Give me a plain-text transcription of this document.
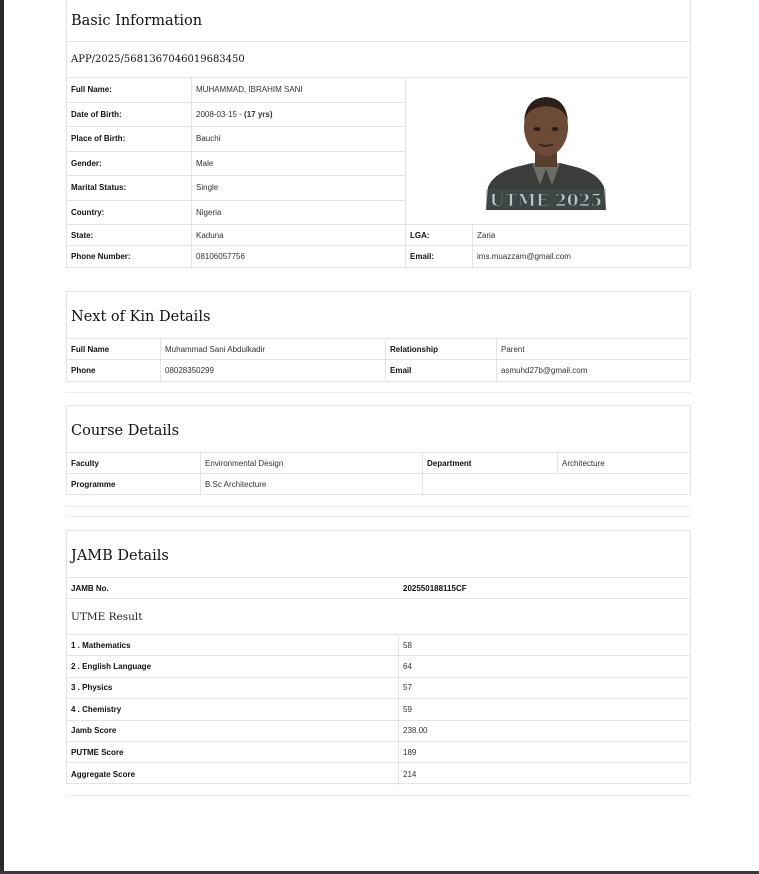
Basic Information
APP/2025/5681367046019683450
Full Name:	MUHAMMAD, IBRAHIM SANI
Date of Birth:	2008-03-15 - (17 yrs)
Place of Birth:	Bauchi
Gender:	Male
Marital Status:	Single
Country:	Nigeria
State:	Kaduna	LGA:	Zaria
Phone Number:	08106057756	Email:	ims.muazzam@gmail.com
UTME 2025
Next of Kin Details
Full Name	Muhammad Sani Abdulkadir	Relationship	Parent
Phone	08028350299	Email	asmuhd27b@gmail.com
Course Details
Faculty	Environmental Design	Department	Architecture
Programme	B.Sc Architecture
JAMB Details
JAMB No.	202550188115CF
UTME Result
1 . Mathematics	58
2 . English Language	64
3 . Physics	57
4 . Chemistry	59
Jamb Score	238.00
PUTME Score	189
Aggregate Score	214
